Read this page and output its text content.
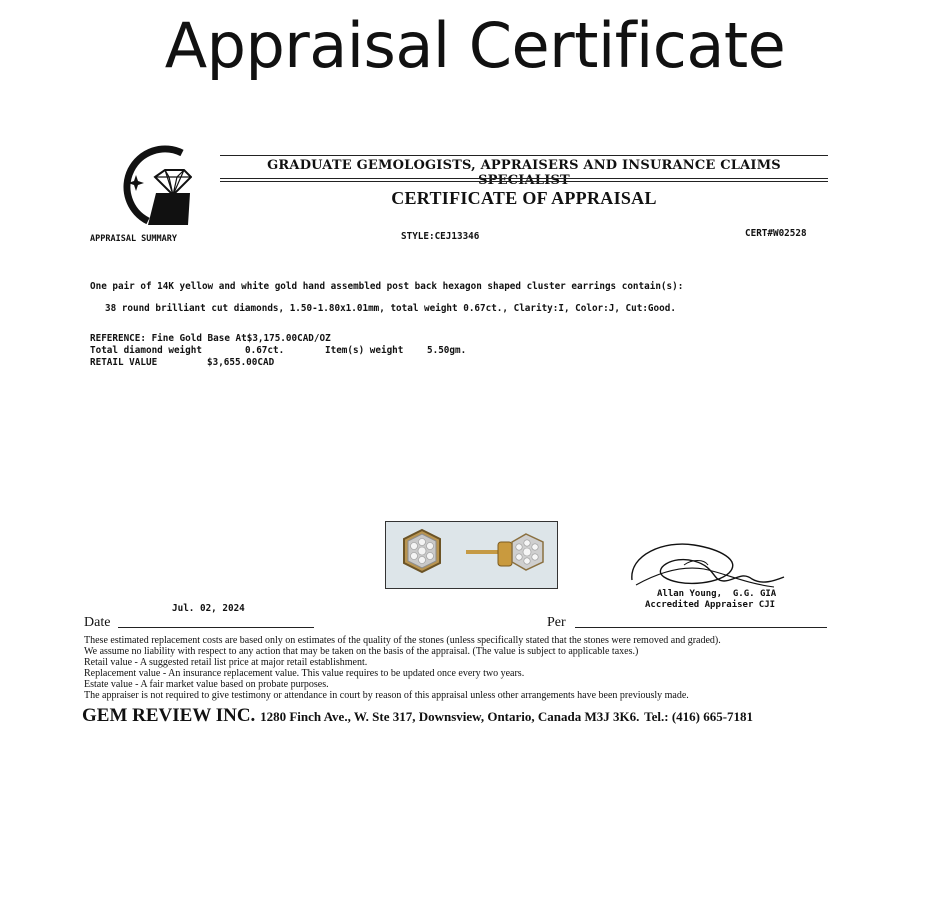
Appraisal Certificate
GRADUATE GEMOLOGISTS, APPRAISERS AND INSURANCE CLAIMS SPECIALIST
CERTIFICATE OF APPRAISAL
APPRAISAL SUMMARY	STYLE:CEJ13346	CERT#W02528
One pair of 14K yellow and white gold hand assembled post back hexagon shaped cluster earrings contain(s):
38 round brilliant cut diamonds, 1.50-1.80x1.01mm, total weight 0.67ct., Clarity:I, Color:J, Cut:Good.
REFERENCE: Fine Gold Base At$3,175.00CAD/OZ
Total diamond weight	0.67ct.	Item(s) weight	5.50gm.
RETAIL VALUE	$3,655.00CAD
Allan Young,  G.G. GIA
Accredited Appraiser CJI
Jul. 02, 2024
Date	Per
These estimated replacement costs are based only on estimates of the quality of the stones (unless specifically stated that the stones were removed and graded).
We assume no liability with respect to any action that may be taken on the basis of the appraisal. (The value is subject to applicable taxes.)
Retail value - A suggested retail list price at major retail establishment.
Replacement value - An insurance replacement value. This value requires to be updated once every two years.
Estate value - A fair market value based on probate purposes.
The appraiser is not required to give testimony or attendance in court by reason of this appraisal unless other arrangements have been previously made.
GEM REVIEW INC. 1280 Finch Ave., W. Ste 317, Downsview, Ontario, Canada M3J 3K6. Tel.: (416) 665-7181
